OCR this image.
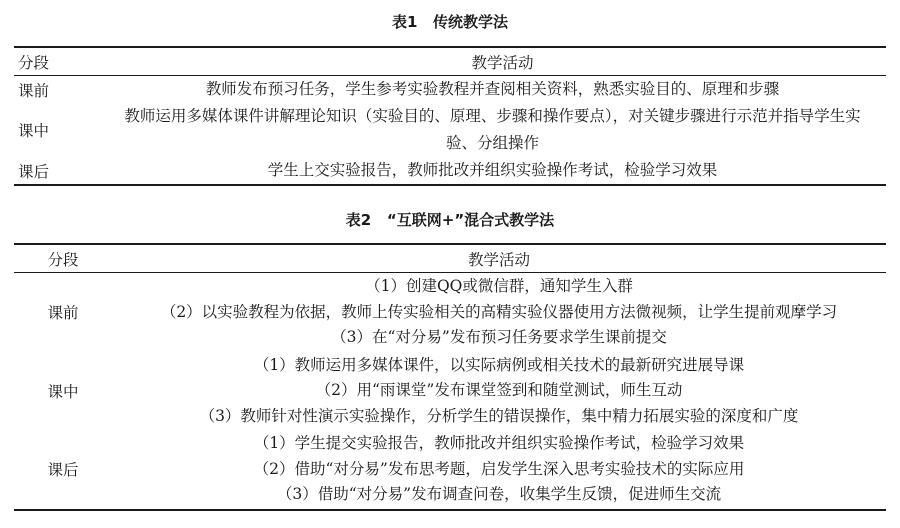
表1   传统教学法
分段	教学活动
课前	教师发布预习任务，学生参考实验教程并查阅相关资料，熟悉实验目的、原理和步骤
课中	教师运用多媒体课件讲解理论知识（实验目的、原理、步骤和操作要点），对关键步骤进行示范并指导学生实验、分组操作
课后	学生上交实验报告，教师批改并组织实验操作考试，检验学习效果
表2   “互联网+”混合式教学法
分段	教学活动
课前	（1）创建QQ或微信群，通知学生入群
（2）以实验教程为依据，教师上传实验相关的高精实验仪器使用方法微视频，让学生提前观摩学习
（3）在“对分易”发布预习任务要求学生课前提交

课中	（1）教师运用多媒体课件，以实际病例或相关技术的最新研究进展导课
（2）用“雨课堂”发布课堂签到和随堂测试，师生互动
（3）教师针对性演示实验操作，分析学生的错误操作，集中精力拓展实验的深度和广度

课后	（1）学生提交实验报告，教师批改并组织实验操作考试，检验学习效果
（2）借助“对分易”发布思考题，启发学生深入思考实验技术的实际应用
（3）借助“对分易”发布调查问卷，收集学生反馈，促进师生交流
